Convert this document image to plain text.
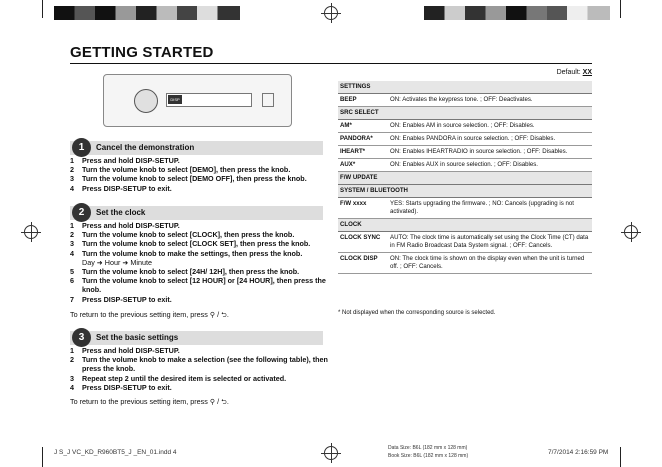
GETTING STARTED
DISP
1	Cancel the demonstration
1 Press and hold DISP-SETUP.
2 Turn the volume knob to select [DEMO], then press the knob.
3 Turn the volume knob to select [DEMO OFF], then press the knob.
4 Press DISP-SETUP to exit.
2	Set the clock
1 Press and hold DISP-SETUP.
2 Turn the volume knob to select [CLOCK], then press the knob.
3 Turn the volume knob to select [CLOCK SET], then press the knob.
4 Turn the volume knob to make the settings, then press the knob.
Day ➜ Hour ➜ Minute
5 Turn the volume knob to select [24H/ 12H], then press the knob.
6 Turn the volume knob to select [12 HOUR] or [24 HOUR], then press the knob.
7 Press DISP-SETUP to exit.
To return to the previous setting item, press ⚲ / ⮌.
3	Set the basic settings
1 Press and hold DISP-SETUP.
2 Turn the volume knob to make a selection (see the following table), then press the knob.
3 Repeat step 2 until the desired item is selected or activated.
4 Press DISP-SETUP to exit.
To return to the previous setting item, press ⚲ / ⮌.
Default: XX
SETTINGS	
BEEP	ON: Activates the keypress tone. ; OFF: Deactivates.
SRC SELECT	
AM*	ON: Enables AM in source selection. ; OFF: Disables.
PANDORA*	ON: Enables PANDORA in source selection. ; OFF: Disables.
IHEART*	ON: Enables IHEARTRADIO in source selection. ; OFF: Disables.
AUX*	ON: Enables AUX in source selection. ; OFF: Disables.
F/W UPDATE	
SYSTEM / BLUETOOTH	
F/W xxxx	YES: Starts upgrading the firmware. ; NO: Cancels (upgrading is not activated).
CLOCK	
CLOCK SYNC	AUTO: The clock time is automatically set using the Clock Time (CT) data in FM Radio Broadcast Data System signal. ; OFF: Cancels.
CLOCK DISP	ON: The clock time is shown on the display even when the unit is turned off. ; OFF: Cancels.
* Not displayed when the corresponding source is selected.
J S_J VC_KD_R960BT5_J _EN_01.indd 4
Data Size: B6L (182 mm x 128 mm)
Book Size: B6L (182 mm x 128 mm)	7/7/2014 2:16:59 PM
